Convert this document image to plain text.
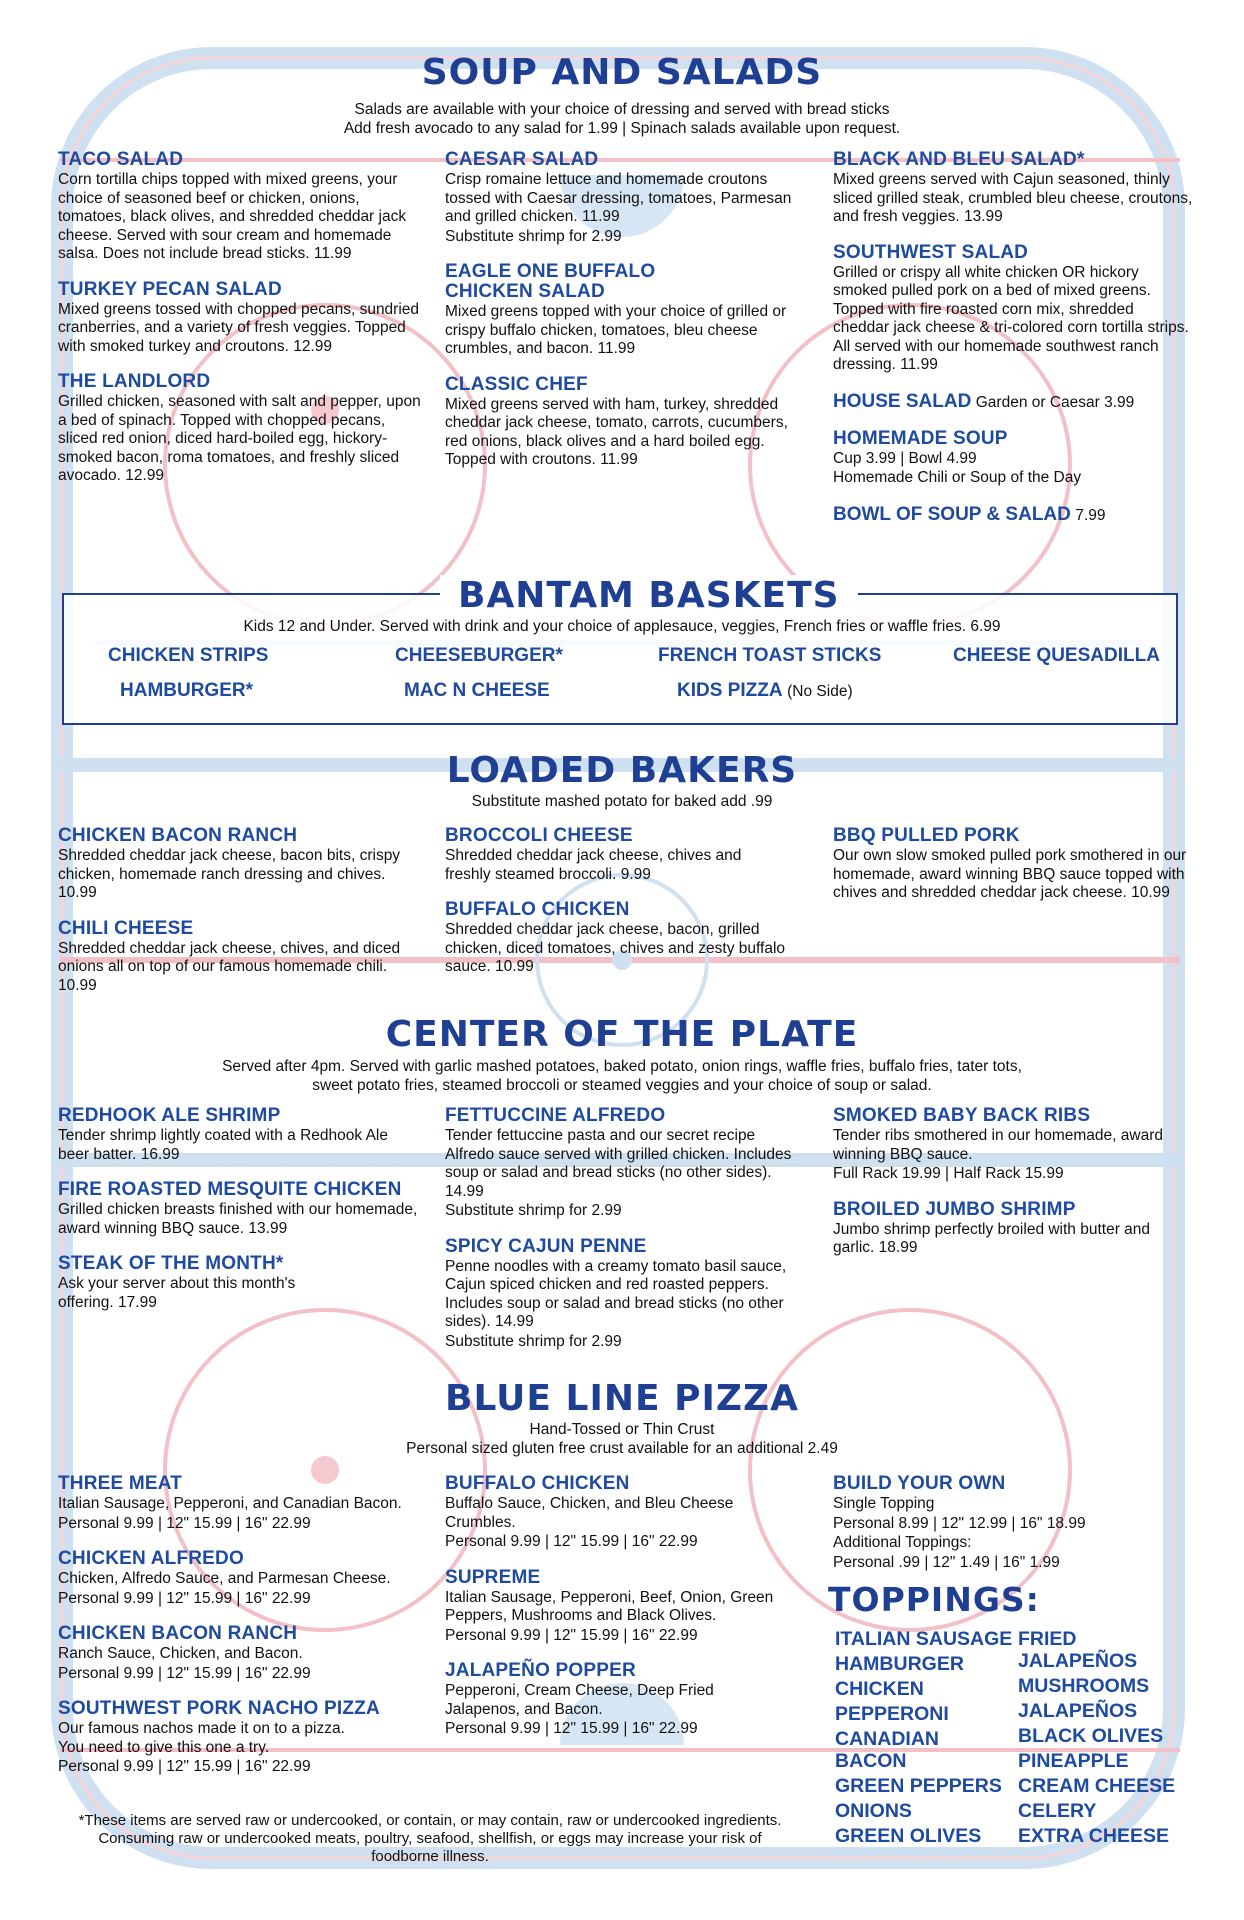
SOUP AND SALADS
Salads are available with your choice of dressing and served with bread sticks
Add fresh avocado to any salad for 1.99 | Spinach salads available upon request.
TACO SALAD

Corn tortilla chips topped with mixed greens, your choice of seasoned beef or chicken, onions, tomatoes, black olives, and shredded cheddar jack cheese. Served with sour cream and homemade salsa. Does not include bread sticks. 11.99

TURKEY PECAN SALAD

Mixed greens tossed with chopped pecans, sundried cranberries, and a variety of fresh veggies. Topped with smoked turkey and croutons. 12.99

THE LANDLORD

Grilled chicken, seasoned with salt and pepper, upon a bed of spinach. Topped with chopped pecans, sliced red onion, diced hard-boiled egg, hickory-smoked bacon, roma tomatoes, and freshly sliced avocado. 12.99

CAESAR SALAD

Crisp romaine lettuce and homemade croutons tossed with Caesar dressing, tomatoes, Parmesan and grilled chicken. 11.99

Substitute shrimp for 2.99

EAGLE ONE BUFFALO CHICKEN SALAD

Mixed greens topped with your choice of grilled or crispy buffalo chicken, tomatoes, bleu cheese crumbles, and bacon. 11.99

CLASSIC CHEF

Mixed greens served with ham, turkey, shredded cheddar jack cheese, tomato, carrots, cucumbers, red onions, black olives and a hard boiled egg. Topped with croutons. 11.99

BLACK AND BLEU SALAD*

Mixed greens served with Cajun seasoned, thinly sliced grilled steak, crumbled bleu cheese, croutons, and fresh veggies. 13.99

SOUTHWEST SALAD

Grilled or crispy all white chicken OR hickory smoked pulled pork on a bed of mixed greens. Topped with fire roasted corn mix, shredded cheddar jack cheese & tri-colored corn tortilla strips. All served with our homemade southwest ranch dressing. 11.99

HOUSE SALAD Garden or Caesar 3.99
HOMEMADE SOUP

Cup 3.99 | Bowl 4.99

Homemade Chili or Soup of the Day

BOWL OF SOUP & SALAD 7.99
BANTAM BASKETS
Kids 12 and Under. Served with drink and your choice of applesauce, veggies, French fries or waffle fries. 6.99
CHICKEN STRIPS	CHEESEBURGER*	FRENCH TOAST STICKS	CHEESE QUESADILLA
HAMBURGER*	MAC N CHEESE	KIDS PIZZA (No Side)
LOADED BAKERS
Substitute mashed potato for baked add .99
CHICKEN BACON RANCH

Shredded cheddar jack cheese, bacon bits, crispy chicken, homemade ranch dressing and chives. 10.99

CHILI CHEESE

Shredded cheddar jack cheese, chives, and diced onions all on top of our famous homemade chili. 10.99

BROCCOLI CHEESE

Shredded cheddar jack cheese, chives and freshly steamed broccoli. 9.99

BUFFALO CHICKEN

Shredded cheddar jack cheese, bacon, grilled chicken, diced tomatoes, chives and zesty buffalo sauce. 10.99

BBQ PULLED PORK

Our own slow smoked pulled pork smothered in our homemade, award winning BBQ sauce topped with chives and shredded cheddar jack cheese. 10.99

CENTER OF THE PLATE
Served after 4pm. Served with garlic mashed potatoes, baked potato, onion rings, waffle fries, buffalo fries, tater tots,
sweet potato fries, steamed broccoli or steamed veggies and your choice of soup or salad.
REDHOOK ALE SHRIMP

Tender shrimp lightly coated with a Redhook Ale beer batter. 16.99

FIRE ROASTED MESQUITE CHICKEN

Grilled chicken breasts finished with our homemade, award winning BBQ sauce. 13.99

STEAK OF THE MONTH*

Ask your server about this month's offering. 17.99

FETTUCCINE ALFREDO

Tender fettuccine pasta and our secret recipe Alfredo sauce served with grilled chicken. Includes soup or salad and bread sticks (no other sides). 14.99

Substitute shrimp for 2.99

SPICY CAJUN PENNE

Penne noodles with a creamy tomato basil sauce, Cajun spiced chicken and red roasted peppers. Includes soup or salad and bread sticks (no other sides). 14.99

Substitute shrimp for 2.99

SMOKED BABY BACK RIBS

Tender ribs smothered in our homemade, award winning BBQ sauce.

Full Rack 19.99 | Half Rack 15.99

BROILED JUMBO SHRIMP

Jumbo shrimp perfectly broiled with butter and garlic. 18.99

BLUE LINE PIZZA
Hand-Tossed or Thin Crust
Personal sized gluten free crust available for an additional 2.49
THREE MEAT

Italian Sausage, Pepperoni, and Canadian Bacon.

Personal 9.99 | 12" 15.99 | 16" 22.99

CHICKEN ALFREDO

Chicken, Alfredo Sauce, and Parmesan Cheese.

Personal 9.99 | 12" 15.99 | 16" 22.99

CHICKEN BACON RANCH

Ranch Sauce, Chicken, and Bacon.

Personal 9.99 | 12" 15.99 | 16" 22.99

SOUTHWEST PORK NACHO PIZZA

Our famous nachos made it on to a pizza. You need to give this one a try.

Personal 9.99 | 12" 15.99 | 16" 22.99

BUFFALO CHICKEN

Buffalo Sauce, Chicken, and Bleu Cheese Crumbles.

Personal 9.99 | 12" 15.99 | 16" 22.99

SUPREME

Italian Sausage, Pepperoni, Beef, Onion, Green Peppers, Mushrooms and Black Olives.

Personal 9.99 | 12" 15.99 | 16" 22.99

JALAPEÑO POPPER

Pepperoni, Cream Cheese, Deep Fried Jalapenos, and Bacon.

Personal 9.99 | 12" 15.99 | 16" 22.99

BUILD YOUR OWN

Single Topping

Personal 8.99 | 12" 12.99 | 16" 18.99

Additional Toppings:

Personal .99 | 12" 1.49 | 16" 1.99

TOPPINGS:
ITALIAN SAUSAGE
HAMBURGER
CHICKEN
PEPPERONI
CANADIAN BACON
GREEN PEPPERS
ONIONS
GREEN OLIVES
FRIED JALAPEÑOS
MUSHROOMS
JALAPEÑOS
BLACK OLIVES
PINEAPPLE
CREAM CHEESE
CELERY
EXTRA CHEESE
*These items are served raw or undercooked, or contain, or may contain, raw or undercooked ingredients. Consuming raw or undercooked meats, poultry, seafood, shellfish, or eggs may increase your risk of foodborne illness.
